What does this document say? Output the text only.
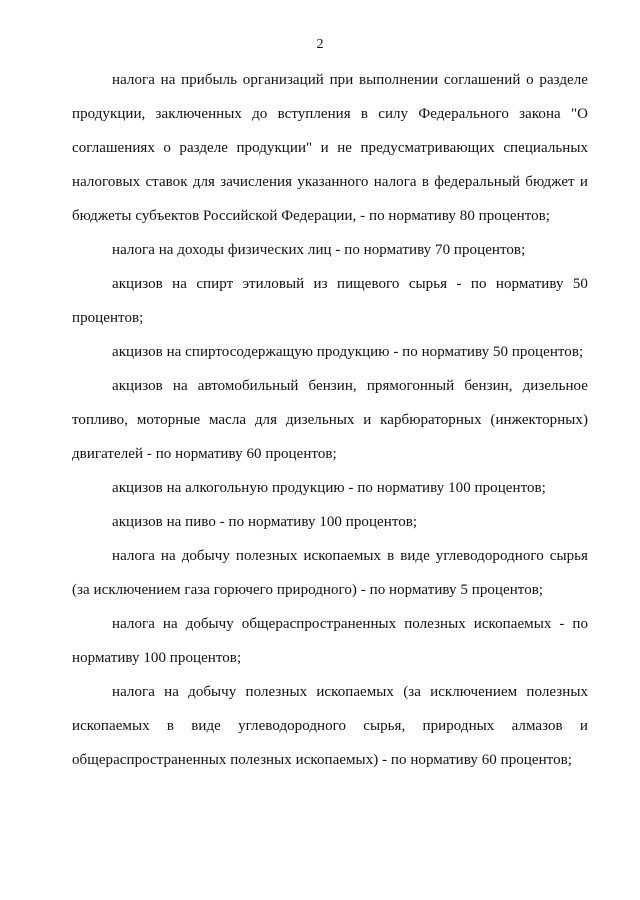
2

налога на прибыль организаций при выполнении соглашений о разделе продукции, заключенных до вступления в силу Федерального закона "О соглашениях о разделе продукции" и не предусматривающих специальных налоговых ставок для зачисления указанного налога в федеральный бюджет и бюджеты субъектов Российской Федерации, - по нормативу 80 процентов;

налога на доходы физических лиц - по нормативу 70 процентов;

акцизов на спирт этиловый из пищевого сырья - по нормативу 50 процентов;

акцизов на спиртосодержащую продукцию - по нормативу 50 процентов;

акцизов на автомобильный бензин, прямогонный бензин, дизельное топливо, моторные масла для дизельных и карбюраторных (инжекторных) двигателей - по нормативу 60 процентов;

акцизов на алкогольную продукцию - по нормативу 100 процентов;

акцизов на пиво - по нормативу 100 процентов;

налога на добычу полезных ископаемых в виде углеводородного сырья (за исключением газа горючего природного) - по нормативу 5 процентов;

налога на добычу общераспространенных полезных ископаемых - по нормативу 100 процентов;

налога на добычу полезных ископаемых (за исключением полезных ископаемых в виде углеводородного сырья, природных алмазов и общераспространенных полезных ископаемых) - по нормативу 60 процентов;
